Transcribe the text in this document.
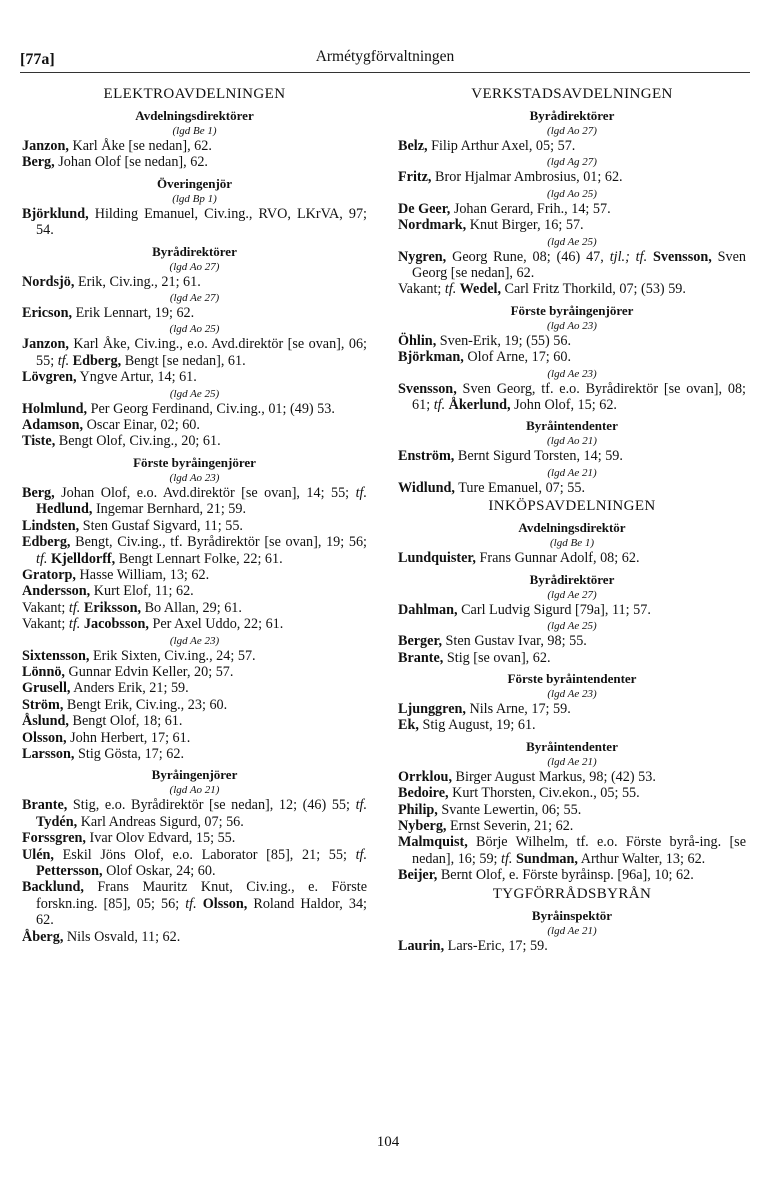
[77a]	Armétygförvaltningen
ELEKTROAVDELNINGEN
Avdelningsdirektörer
(lgd Be 1)
Janzon, Karl Åke [se nedan], 62.
Berg, Johan Olof [se nedan], 62.
Överingenjör
(lgd Bp 1)
Björklund, Hilding Emanuel, Civ.ing., RVO, LKrVA, 97; 54.
Byrådirektörer
(lgd Ao 27)
Nordsjö, Erik, Civ.ing., 21; 61.
(lgd Ae 27)
Ericson, Erik Lennart, 19; 62.
(lgd Ao 25)
Janzon, Karl Åke, Civ.ing., e.o. Avd.direktör [se ovan], 06; 55; tf. Edberg, Bengt [se nedan], 61.
Lövgren, Yngve Artur, 14; 61.
(lgd Ae 25)
Holmlund, Per Georg Ferdinand, Civ.ing., 01; (49) 53.
Adamson, Oscar Einar, 02; 60.
Tiste, Bengt Olof, Civ.ing., 20; 61.
Förste byråingenjörer
(lgd Ao 23)
Berg, Johan Olof, e.o. Avd.direktör [se ovan], 14; 55; tf. Hedlund, Ingemar Bernhard, 21; 59.
Lindsten, Sten Gustaf Sigvard, 11; 55.
Edberg, Bengt, Civ.ing., tf. Byrådirektör [se ovan], 19; 56; tf. Kjelldorff, Bengt Lennart Folke, 22; 61.
Gratorp, Hasse William, 13; 62.
Andersson, Kurt Elof, 11; 62.
Vakant; tf. Eriksson, Bo Allan, 29; 61.
Vakant; tf. Jacobsson, Per Axel Uddo, 22; 61.
(lgd Ae 23)
Sixtensson, Erik Sixten, Civ.ing., 24; 57.
Lönnö, Gunnar Edvin Keller, 20; 57.
Grusell, Anders Erik, 21; 59.
Ström, Bengt Erik, Civ.ing., 23; 60.
Åslund, Bengt Olof, 18; 61.
Olsson, John Herbert, 17; 61.
Larsson, Stig Gösta, 17; 62.
Byråingenjörer
(lgd Ao 21)
Brante, Stig, e.o. Byrådirektör [se nedan], 12; (46) 55; tf. Tydén, Karl Andreas Sigurd, 07; 56.
Forssgren, Ivar Olov Edvard, 15; 55.
Ulén, Eskil Jöns Olof, e.o. Laborator [85], 21; 55; tf. Pettersson, Olof Oskar, 24; 60.
Backlund, Frans Mauritz Knut, Civ.ing., e. Förste forskn.ing. [85], 05; 56; tf. Olsson, Roland Haldor, 34; 62.
Åberg, Nils Osvald, 11; 62.
VERKSTADSAVDELNINGEN
Byrådirektörer
(lgd Ao 27)
Belz, Filip Arthur Axel, 05; 57.
(lgd Ag 27)
Fritz, Bror Hjalmar Ambrosius, 01; 62.
(lgd Ao 25)
De Geer, Johan Gerard, Frih., 14; 57.
Nordmark, Knut Birger, 16; 57.
(lgd Ae 25)
Nygren, Georg Rune, 08; (46) 47, tjl.; tf. Svensson, Sven Georg [se nedan], 62.
Vakant; tf. Wedel, Carl Fritz Thorkild, 07; (53) 59.
Förste byråingenjörer
(lgd Ao 23)
Öhlin, Sven-Erik, 19; (55) 56.
Björkman, Olof Arne, 17; 60.
(lgd Ae 23)
Svensson, Sven Georg, tf. e.o. Byrådirektör [se ovan], 08; 61; tf. Åkerlund, John Olof, 15; 62.
Byråintendenter
(lgd Ao 21)
Enström, Bernt Sigurd Torsten, 14; 59.
(lgd Ae 21)
Widlund, Ture Emanuel, 07; 55.
INKÖPSAVDELNINGEN
Avdelningsdirektör
(lgd Be 1)
Lundquister, Frans Gunnar Adolf, 08; 62.
Byrådirektörer
(lgd Ae 27)
Dahlman, Carl Ludvig Sigurd [79a], 11; 57.
(lgd Ae 25)
Berger, Sten Gustav Ivar, 98; 55.
Brante, Stig [se ovan], 62.
Förste byråintendenter
(lgd Ae 23)
Ljunggren, Nils Arne, 17; 59.
Ek, Stig August, 19; 61.
Byråintendenter
(lgd Ae 21)
Orrklou, Birger August Markus, 98; (42) 53.
Bedoire, Kurt Thorsten, Civ.ekon., 05; 55.
Philip, Svante Lewertin, 06; 55.
Nyberg, Ernst Severin, 21; 62.
Malmquist, Börje Wilhelm, tf. e.o. Förste byrå-ing. [se nedan], 16; 59; tf. Sundman, Arthur Walter, 13; 62.
Beijer, Bernt Olof, e. Förste byråinsp. [96a], 10; 62.
TYGFÖRRÅDSBYRÅN
Byråinspektör
(lgd Ae 21)
Laurin, Lars-Eric, 17; 59.
104
